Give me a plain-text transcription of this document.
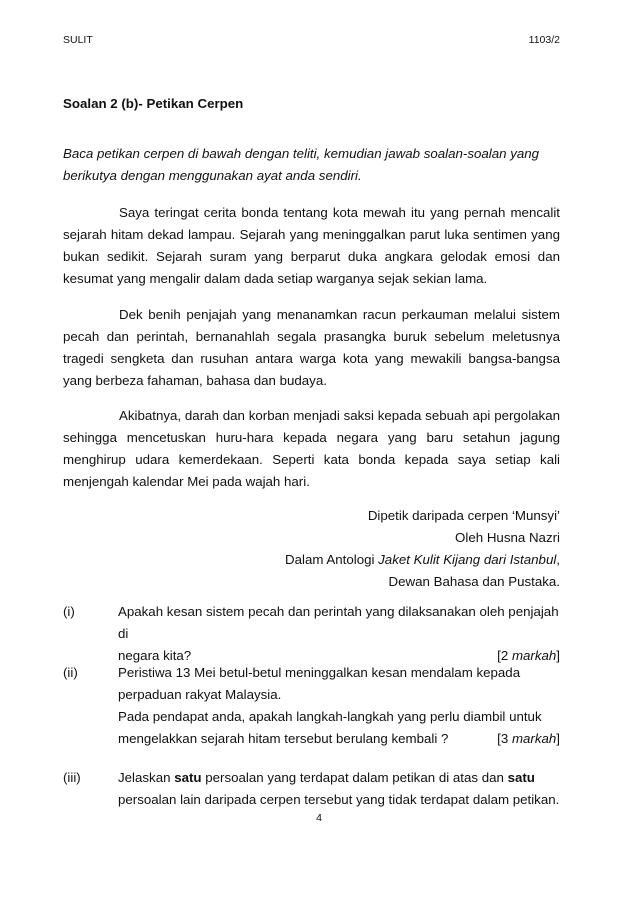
SULIT	1103/2
Soalan 2 (b)- Petikan Cerpen
Baca petikan cerpen di bawah dengan teliti, kemudian jawab soalan-soalan yang
berikutya dengan menggunakan ayat anda sendiri.

Saya teringat cerita bonda tentang kota mewah itu yang pernah mencalit sejarah hitam dekad lampau. Sejarah yang meninggalkan parut luka sentimen yang bukan sedikit. Sejarah suram yang berparut duka angkara gelodak emosi dan kesumat yang mengalir dalam dada setiap warganya sejak sekian lama.

Dek benih penjajah yang menanamkan racun perkauman melalui sistem pecah dan perintah, bernanahlah segala prasangka buruk sebelum meletusnya tragedi sengketa dan rusuhan antara warga kota yang mewakili bangsa-bangsa yang berbeza fahaman, bahasa dan budaya.

Akibatnya, darah dan korban menjadi saksi kepada sebuah api pergolakan sehingga mencetuskan huru-hara kepada negara yang baru setahun jagung menghirup udara kemerdekaan. Seperti kata bonda kepada saya setiap kali menjengah kalendar Mei pada wajah hari.

Dipetik daripada cerpen ‘Munsyi’
Oleh Husna Nazri
Dalam Antologi Jaket Kulit Kijang dari Istanbul,
Dewan Bahasa dan Pustaka.
(i)	Apakah kesan sistem pecah dan perintah yang dilaksanakan oleh penjajah di
negara kita?	[2 markah]
(ii)	Peristiwa 13 Mei betul-betul meninggalkan kesan mendalam kepada
perpaduan rakyat Malaysia.
Pada pendapat anda, apakah langkah-langkah yang perlu diambil untuk
mengelakkan sejarah hitam tersebut berulang kembali ?	[3 markah]
(iii)	Jelaskan satu persoalan yang terdapat dalam petikan di atas dan satu
persoalan lain daripada cerpen tersebut yang tidak terdapat dalam petikan.
4
